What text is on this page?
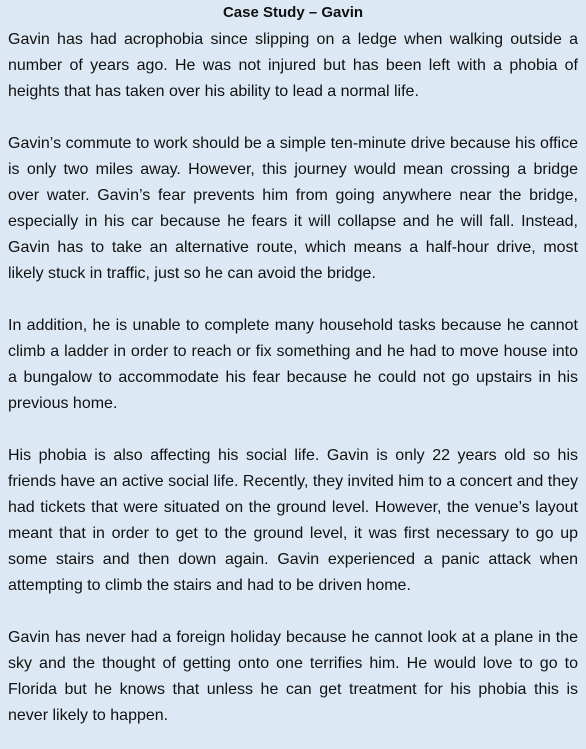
Case Study – Gavin

Gavin has had acrophobia since slipping on a ledge when walking outside a number of years ago. He was not injured but has been left with a phobia of heights that has taken over his ability to lead a normal life.

Gavin’s commute to work should be a simple ten-minute drive because his office is only two miles away. However, this journey would mean crossing a bridge over water. Gavin’s fear prevents him from going anywhere near the bridge, especially in his car because he fears it will collapse and he will fall. Instead, Gavin has to take an alternative route, which means a half-hour drive, most likely stuck in traffic, just so he can avoid the bridge.

In addition, he is unable to complete many household tasks because he cannot climb a ladder in order to reach or fix something and he had to move house into a bungalow to accommodate his fear because he could not go upstairs in his previous home.

His phobia is also affecting his social life. Gavin is only 22 years old so his friends have an active social life. Recently, they invited him to a concert and they had tickets that were situated on the ground level. However, the venue’s layout meant that in order to get to the ground level, it was first necessary to go up some stairs and then down again. Gavin experienced a panic attack when attempting to climb the stairs and had to be driven home.

Gavin has never had a foreign holiday because he cannot look at a plane in the sky and the thought of getting onto one terrifies him. He would love to go to Florida but he knows that unless he can get treatment for his phobia this is never likely to happen.
